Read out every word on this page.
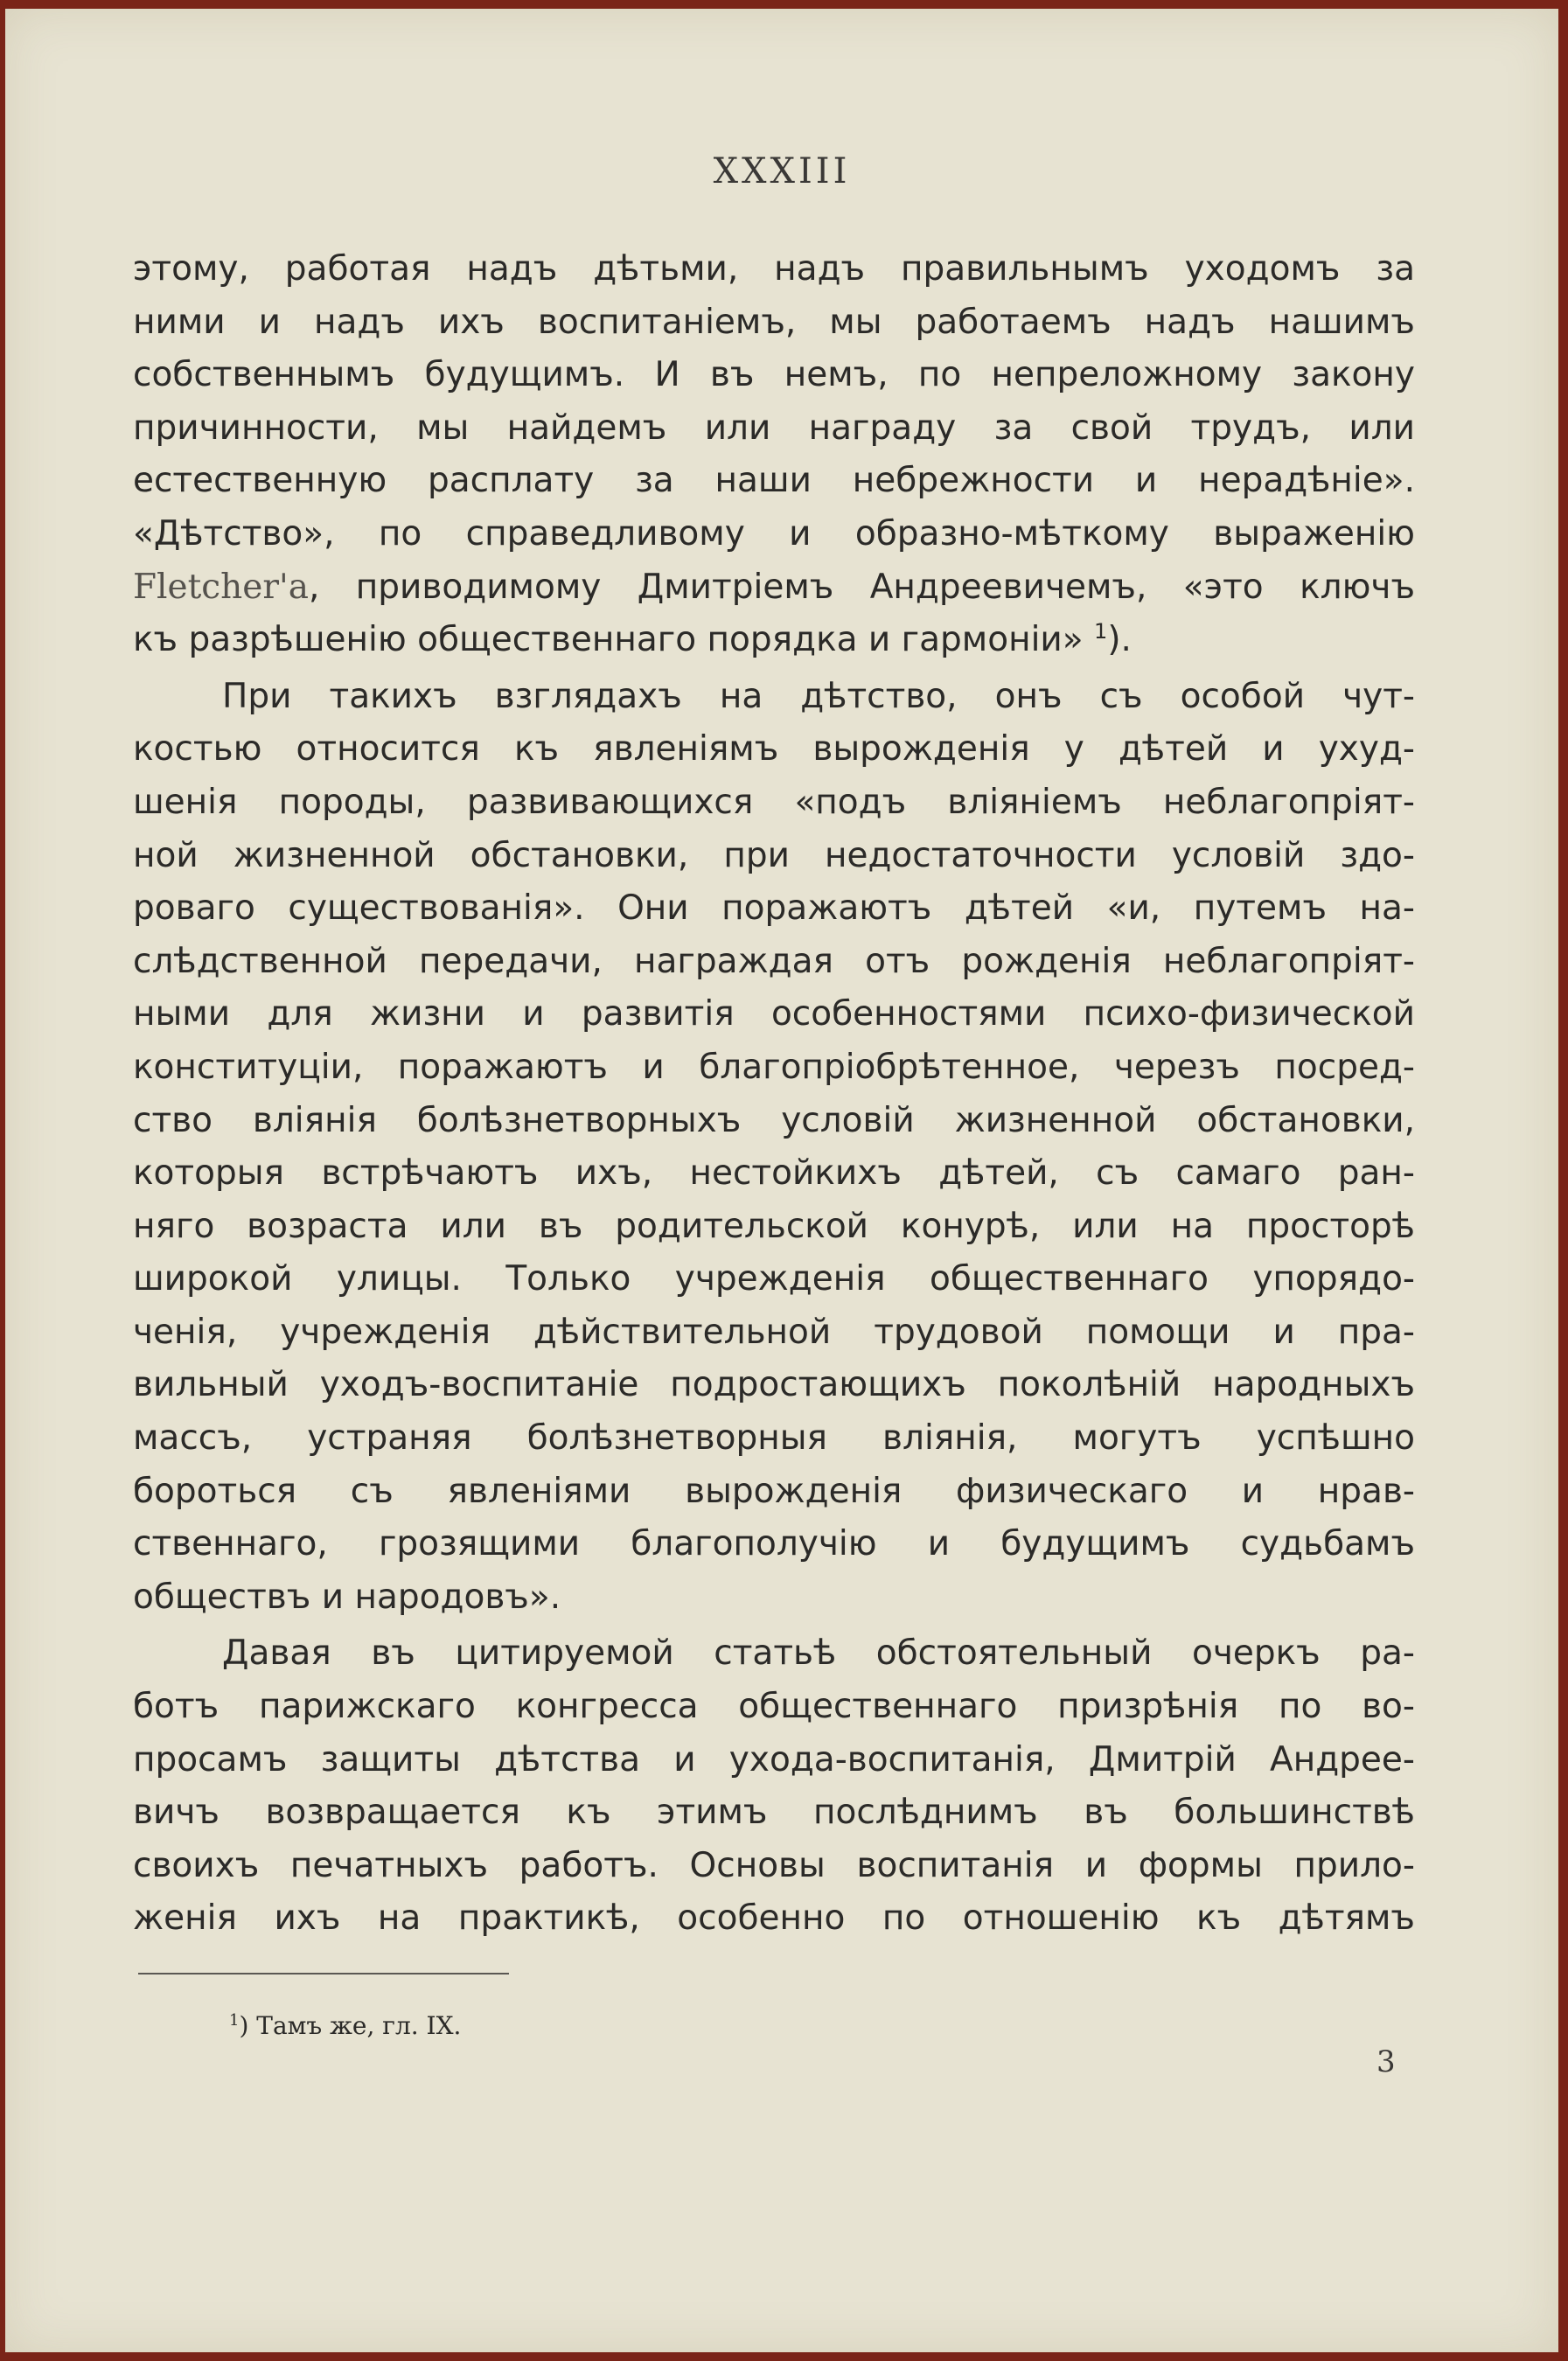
XXXIII
этому, работая надъ дѣтьми, надъ правильнымъ уходомъ за
ними и надъ ихъ воспитанiемъ, мы работаемъ надъ нашимъ
собственнымъ будущимъ. И въ немъ, по непреложному закону
причинности, мы найдемъ или награду за свой трудъ, или
естественную расплату за наши небрежности и нерадѣнiе».
«Дѣтство», по справедливому и образно-мѣткому выраженiю
Fletcher'а, приводимому Дмитрiемъ Андреевичемъ, «это ключъ
къ разрѣшенiю общественнаго порядка и гармонiи» $^1$).
При такихъ взглядахъ на дѣтство, онъ съ особой чут-
костью относится къ явленiямъ вырожденiя у дѣтей и ухуд-
шенiя породы, развивающихся «подъ влiянiемъ неблагопрiят-
ной жизненной обстановки, при недостаточности условiй здо-
роваго существованiя». Они поражаютъ дѣтей «и, путемъ на-
слѣдственной передачи, награждая отъ рожденiя неблагопрiят-
ными для жизни и развитiя особенностями психо-физической
конституцiи, поражаютъ и благопрiобрѣтенное, черезъ посред-
ство влiянiя болѣзнетворныхъ условiй жизненной обстановки,
которыя встрѣчаютъ ихъ, нестойкихъ дѣтей, съ самаго ран-
няго возраста или въ родительской конурѣ, или на просторѣ
широкой улицы. Только учрежденiя общественнаго упорядо-
ченiя, учрежденiя дѣйствительной трудовой помощи и пра-
вильный уходъ-воспитанiе подростающихъ поколѣнiй народныхъ
массъ, устраняя болѣзнетворныя влiянiя, могутъ успѣшно
бороться съ явленiями вырожденiя физическаго и нрав-
ственнаго, грозящими благополучiю и будущимъ судьбамъ
обществъ и народовъ».
Давая въ цитируемой статьѣ обстоятельный очеркъ ра-
ботъ парижскаго конгресса общественнаго призрѣнiя по во-
просамъ защиты дѣтства и ухода-воспитанiя, Дмитрiй Андрее-
вичъ возвращается къ этимъ послѣднимъ въ большинствѣ
своихъ печатныхъ работъ. Основы воспитанiя и формы прило-
женiя ихъ на практикѣ, особенно по отношенiю къ дѣтямъ
$^1$) Тамъ же, гл. IX.
3
